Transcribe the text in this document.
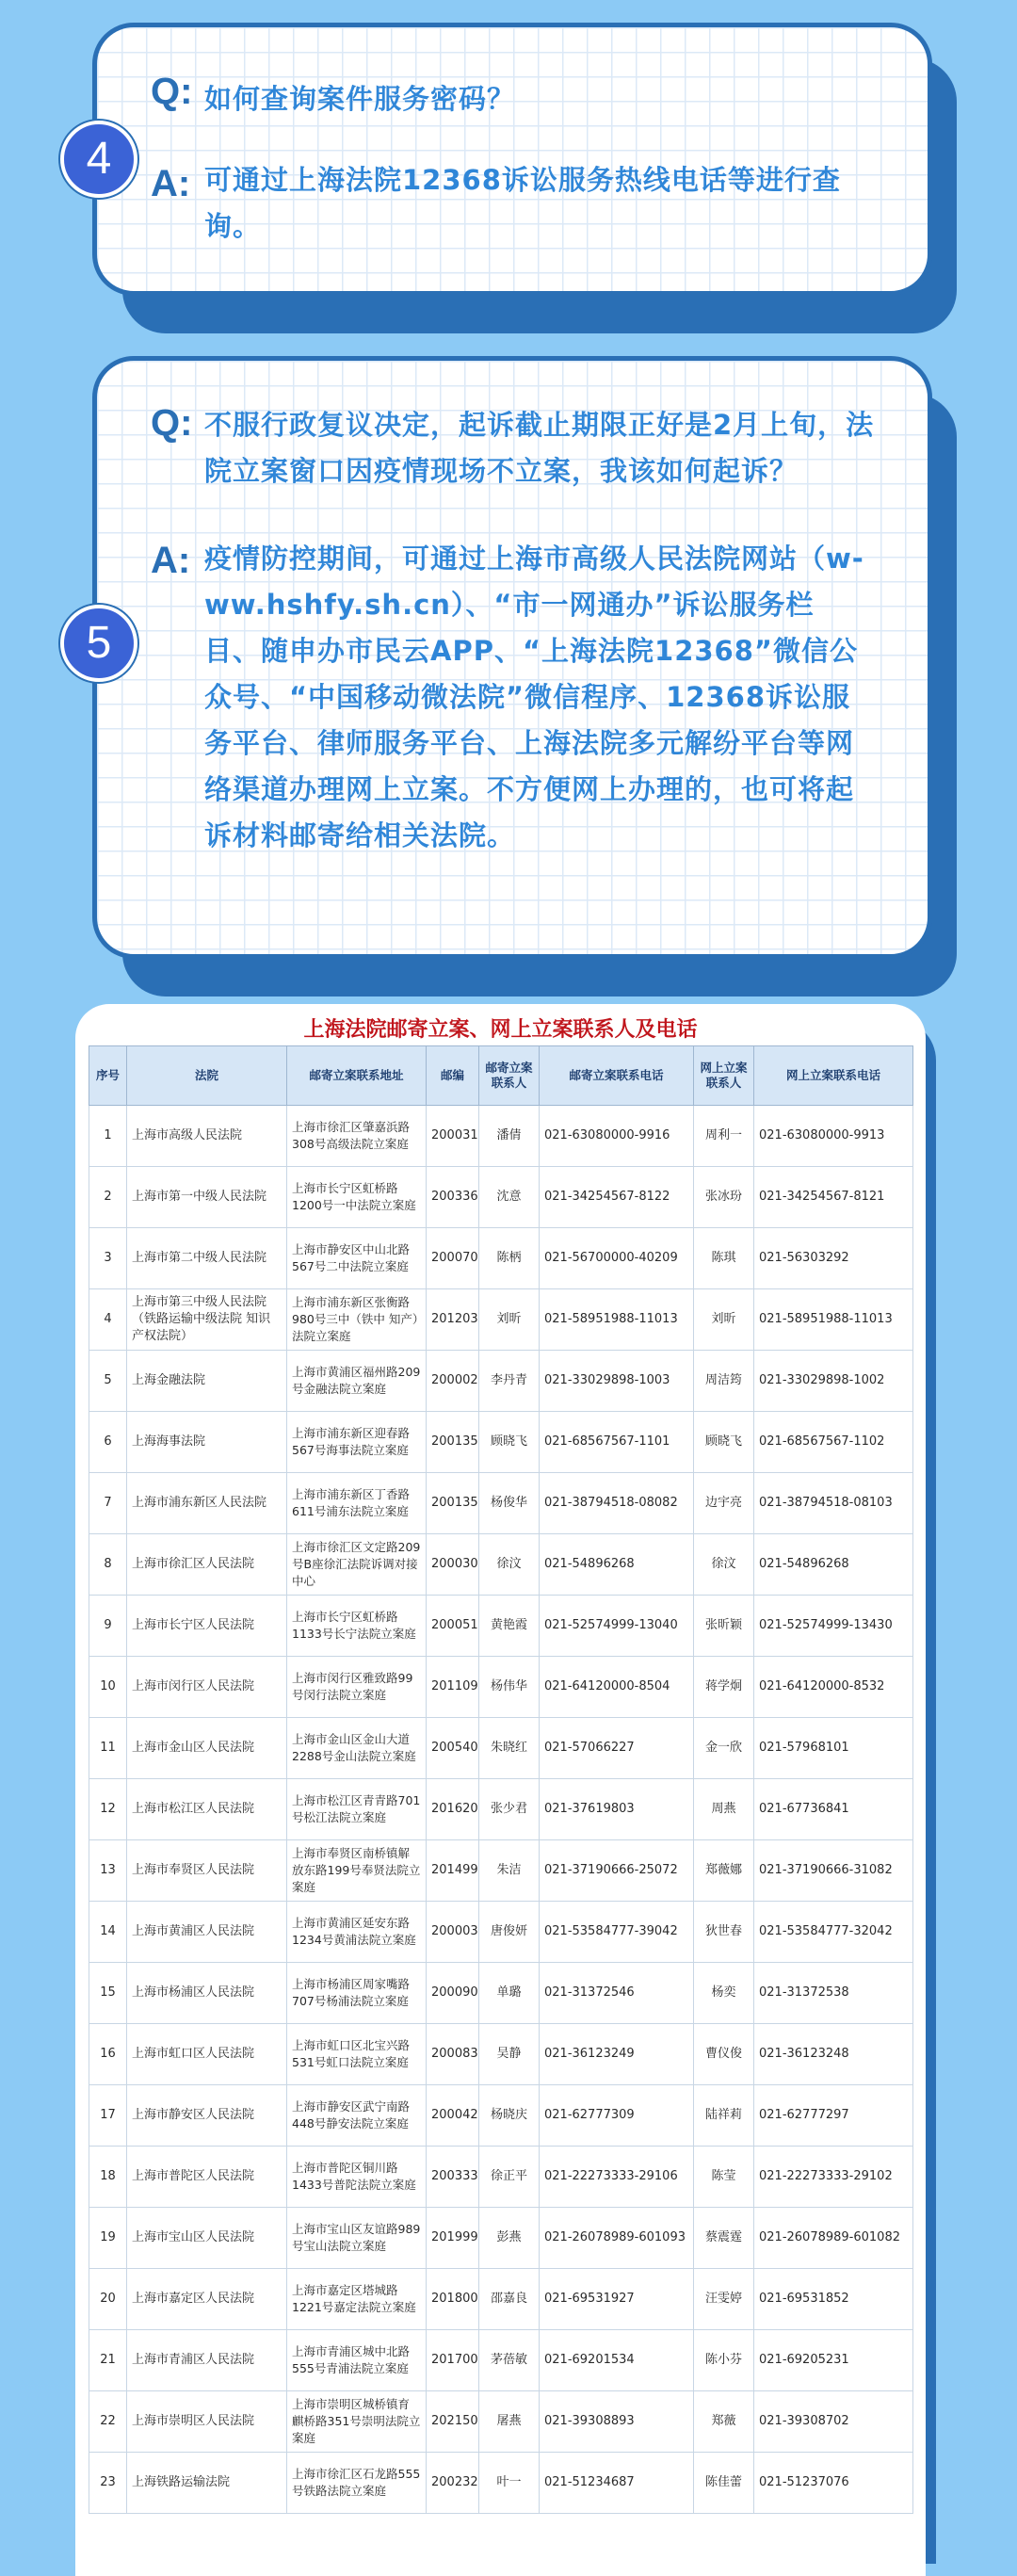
Q: 如何查询案件服务密码？
A: 可通过上海法院12368诉讼服务热线电话等进行查
询。
4
Q: 不服行政复议决定，起诉截止期限正好是2月上旬，法
院立案窗口因疫情现场不立案，我该如何起诉？
A: 疫情防控期间，可通过上海市高级人民法院网站（w-
ww.hshfy.sh.cn）、“市一网通办”诉讼服务栏
目、随申办市民云APP、“上海法院12368”微信公
众号、“中国移动微法院”微信程序、12368诉讼服
务平台、律师服务平台、上海法院多元解纷平台等网
络渠道办理网上立案。不方便网上办理的，也可将起
诉材料邮寄给相关法院。
5
上海法院邮寄立案、网上立案联系人及电话
序号	法院	邮寄立案联系地址	邮编	邮寄立案联系人	邮寄立案联系电话	网上立案联系人	网上立案联系电话
1	上海市高级人民法院	上海市徐汇区肇嘉浜路308号高级法院立案庭	200031	潘倩	021-63080000-9916	周利一	021-63080000-9913
2	上海市第一中级人民法院	上海市长宁区虹桥路1200号一中法院立案庭	200336	沈意	021-34254567-8122	张冰玢	021-34254567-8121
3	上海市第二中级人民法院	上海市静安区中山北路567号二中法院立案庭	200070	陈柄	021-56700000-40209	陈琪	021-56303292
4	上海市第三中级人民法院（铁路运输中级法院 知识产权法院）	上海市浦东新区张衡路980号三中（铁中 知产）法院立案庭	201203	刘昕	021-58951988-11013	刘昕	021-58951988-11013
5	上海金融法院	上海市黄浦区福州路209号金融法院立案庭	200002	李丹青	021-33029898-1003	周洁筠	021-33029898-1002
6	上海海事法院	上海市浦东新区迎春路567号海事法院立案庭	200135	顾晓飞	021-68567567-1101	顾晓飞	021-68567567-1102
7	上海市浦东新区人民法院	上海市浦东新区丁香路611号浦东法院立案庭	200135	杨俊华	021-38794518-08082	边宇亮	021-38794518-08103
8	上海市徐汇区人民法院	上海市徐汇区文定路209号B座徐汇法院诉调对接中心	200030	徐汶	021-54896268	徐汶	021-54896268
9	上海市长宁区人民法院	上海市长宁区虹桥路1133号长宁法院立案庭	200051	黄艳霞	021-52574999-13040	张昕颖	021-52574999-13430
10	上海市闵行区人民法院	上海市闵行区雅致路99号闵行法院立案庭	201109	杨伟华	021-64120000-8504	蒋学炯	021-64120000-8532
11	上海市金山区人民法院	上海市金山区金山大道2288号金山法院立案庭	200540	朱晓红	021-57066227	金一欣	021-57968101
12	上海市松江区人民法院	上海市松江区青青路701号松江法院立案庭	201620	张少君	021-37619803	周燕	021-67736841
13	上海市奉贤区人民法院	上海市奉贤区南桥镇解放东路199号奉贤法院立案庭	201499	朱洁	021-37190666-25072	郑薇娜	021-37190666-31082
14	上海市黄浦区人民法院	上海市黄浦区延安东路1234号黄浦法院立案庭	200003	唐俊妍	021-53584777-39042	狄世春	021-53584777-32042
15	上海市杨浦区人民法院	上海市杨浦区周家嘴路707号杨浦法院立案庭	200090	单璐	021-31372546	杨奕	021-31372538
16	上海市虹口区人民法院	上海市虹口区北宝兴路531号虹口法院立案庭	200083	吴静	021-36123249	曹仪俊	021-36123248
17	上海市静安区人民法院	上海市静安区武宁南路448号静安法院立案庭	200042	杨晓庆	021-62777309	陆祥莉	021-62777297
18	上海市普陀区人民法院	上海市普陀区铜川路1433号普陀法院立案庭	200333	徐正平	021-22273333-29106	陈莹	021-22273333-29102
19	上海市宝山区人民法院	上海市宝山区友谊路989号宝山法院立案庭	201999	彭燕	021-26078989-601093	蔡震霆	021-26078989-601082
20	上海市嘉定区人民法院	上海市嘉定区塔城路1221号嘉定法院立案庭	201800	邵嘉良	021-69531927	汪雯婷	021-69531852
21	上海市青浦区人民法院	上海市青浦区城中北路555号青浦法院立案庭	201700	茅蓓敏	021-69201534	陈小芬	021-69205231
22	上海市崇明区人民法院	上海市崇明区城桥镇育麒桥路351号崇明法院立案庭	202150	屠燕	021-39308893	郑薇	021-39308702
23	上海铁路运输法院	上海市徐汇区石龙路555号铁路法院立案庭	200232	叶一	021-51234687	陈佳蕾	021-51237076
